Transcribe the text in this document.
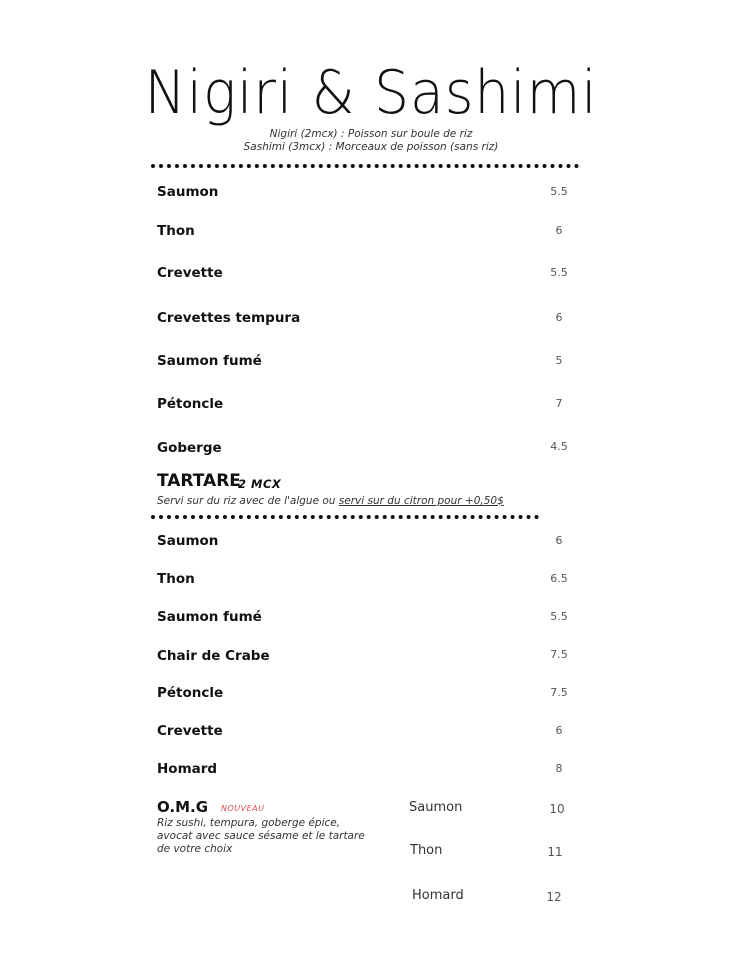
Nigiri & Sashimi
Nigiri (2mcx) : Poisson sur boule de riz
Sashimi (3mcx) : Morceaux de poisson (sans riz)
Saumon	5.5
Thon	6
Crevette	5.5
Crevettes tempura	6
Saumon fumé	5
Pétoncle	7
Goberge	4.5
TARTARE
2 MCX
Servi sur du riz avec de l'algue ou servi sur du citron pour +0,50$
Saumon	6
Thon	6.5
Saumon fumé	5.5
Chair de Crabe	7.5
Pétoncle	7.5
Crevette	6
Homard	8
O.M.G NOUVEAU
Riz sushi, tempura, goberge épice, avocat avec sauce sésame et le tartare de votre choix
Saumon	10
Thon	11
Homard	12
